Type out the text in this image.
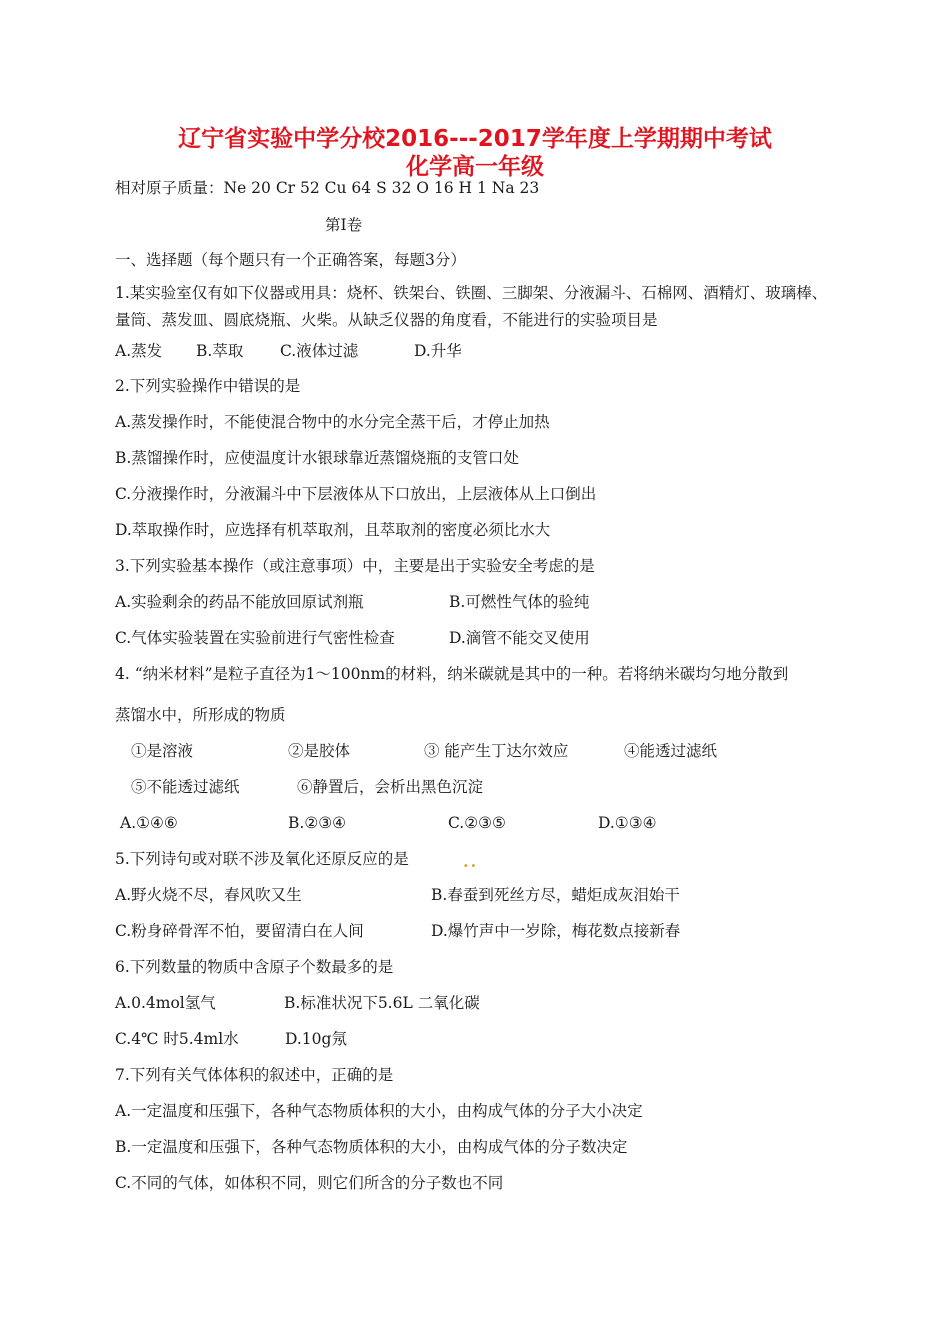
辽宁省实验中学分校2016---2017学年度上学期期中考试
化学高一年级
相对原子质量：Ne 20 Cr 52 Cu 64 S 32 O 16 H 1 Na 23
第Ⅰ卷
一、选择题（每个题只有一个正确答案，每题3分）
1.某实验室仅有如下仪器或用具：烧杯、铁架台、铁圈、三脚架、分液漏斗、石棉网、酒精灯、玻璃棒、
量筒、蒸发皿、圆底烧瓶、火柴。从缺乏仪器的角度看，不能进行的实验项目是
A.蒸发 B.萃取 C.液体过滤	D.升华
2.下列实验操作中错误的是
A.蒸发操作时，不能使混合物中的水分完全蒸干后，才停止加热
B.蒸馏操作时，应使温度计水银球靠近蒸馏烧瓶的支管口处
C.分液操作时，分液漏斗中下层液体从下口放出，上层液体从上口倒出
D.萃取操作时，应选择有机萃取剂，且萃取剂的密度必须比水大
3.下列实验基本操作（或注意事项）中，主要是出于实验安全考虑的是
A.实验剩余的药品不能放回原试剂瓶	B.可燃性气体的验纯
C.气体实验装置在实验前进行气密性检查	D.滴管不能交叉使用
4. “纳米材料”是粒子直径为1～100nm的材料，纳米碳就是其中的一种。若将纳米碳均匀地分散到
蒸馏水中，所形成的物质
①是溶液	②是胶体	③ 能产生丁达尔效应	④能透过滤纸
⑤不能透过滤纸	⑥静置后，会析出黑色沉淀
A.①④⑥	B.②③④	C.②③⑤	D.①③④
5.下列诗句或对联不涉及氧化还原反应的是	..
A.野火烧不尽，春风吹又生	B.春蚕到死丝方尽，蜡炬成灰泪始干
C.粉身碎骨浑不怕，要留清白在人间	D.爆竹声中一岁除，梅花数点接新春
6.下列数量的物质中含原子个数最多的是
A.0.4mol氢气	B.标准状况下5.6L 二氧化碳
C.4℃ 时5.4ml水	D.10g氖
7.下列有关气体体积的叙述中，正确的是
A.一定温度和压强下，各种气态物质体积的大小，由构成气体的分子大小决定
B.一定温度和压强下，各种气态物质体积的大小，由构成气体的分子数决定
C.不同的气体，如体积不同，则它们所含的分子数也不同
